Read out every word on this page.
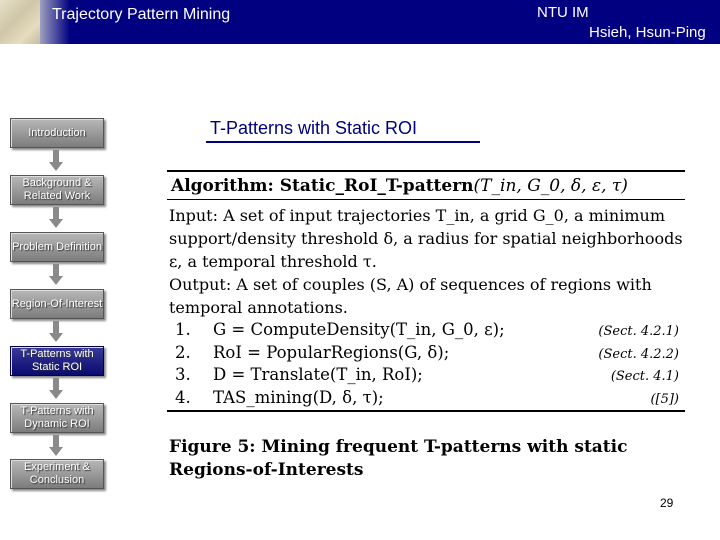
Trajectory Pattern Mining	NTU IM
Hsieh, Hsun-Ping
Introduction
Background & Related Work
Problem Definition
Region-Of-Interest
T-Patterns with Static ROI
T-Patterns with Dynamic ROI
Experiment & Conclusion
T-Patterns with Static ROI
Algorithm: Static_RoI_T-pattern(T_in, G_0, δ, ε, τ)

Input: A set of input trajectories T_in, a grid G_0, a minimum support/density threshold δ, a radius for spatial neighborhoods ε, a temporal threshold τ.

Output: A set of couples (S, A) of sequences of regions with temporal annotations.

1. G = ComputeDensity(T_in, G_0, ε);	(Sect. 4.2.1)
2. RoI = PopularRegions(G, δ);	(Sect. 4.2.2)
3. D = Translate(T_in, RoI);	(Sect. 4.1)
4. TAS_mining(D, δ, τ);	([5])
Figure 5: Mining frequent T-patterns with static Regions-of-Interests
29
